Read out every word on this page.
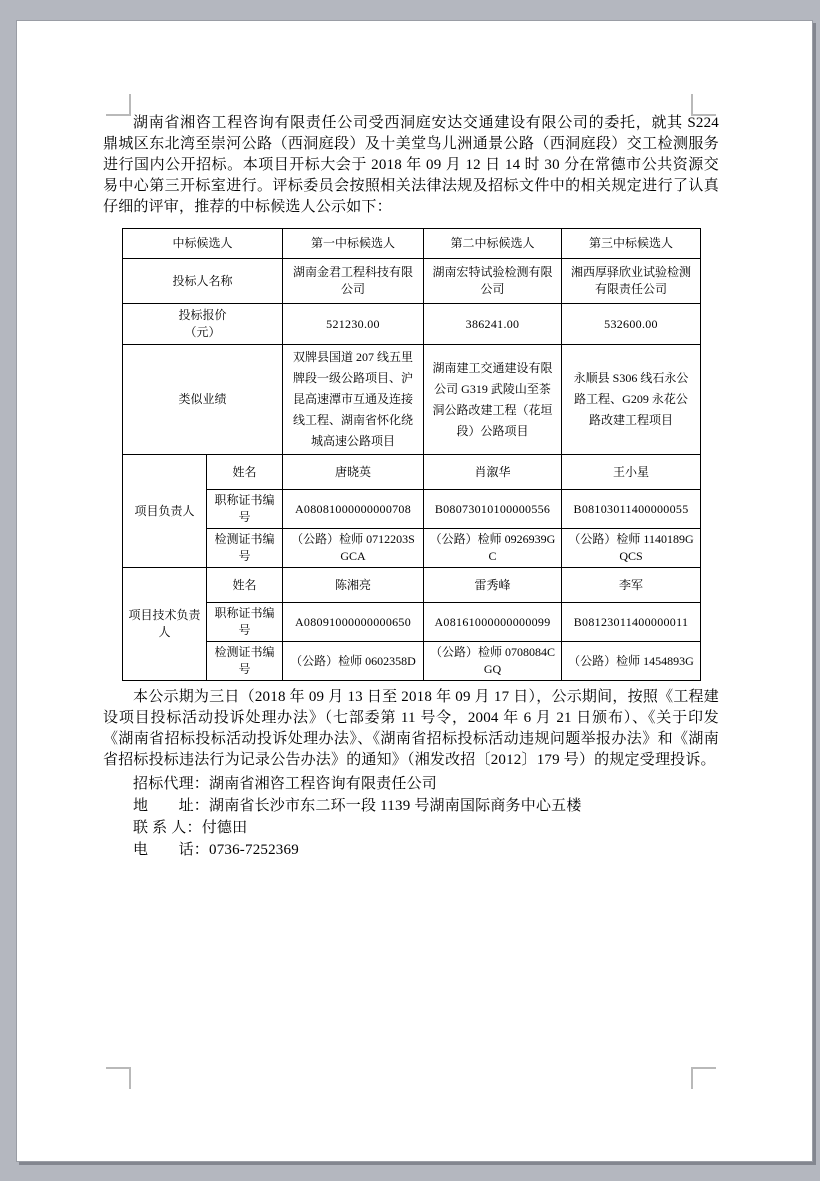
湖南省湘咨工程咨询有限责任公司受西洞庭安达交通建设有限公司的委托，就其 S224 鼎城区东北湾至崇河公路（西洞庭段）及十美堂鸟儿洲通景公路（西洞庭段）交工检测服务进行国内公开招标。本项目开标大会于 2018 年 09 月 12 日 14 时 30 分在常德市公共资源交易中心第三开标室进行。评标委员会按照相关法律法规及招标文件中的相关规定进行了认真仔细的评审，推荐的中标候选人公示如下：

中标候选人		第一中标候选人	第二中标候选人	第三中标候选人
投标人名称		湖南金君工程科技有限公司	湖南宏特试验检测有限公司	湘西厚驿欣业试验检测有限责任公司

投标报价
（元）		521230.00	386241.00	532600.00
类似业绩		双牌县国道 207 线五里牌段一级公路项目、沪昆高速潭市互通及连接线工程、湖南省怀化绕城高速公路项目	湖南建工交通建设有限公司 G319 武陵山至茶洞公路改建工程（花垣段）公路项目	永顺县 S306 线石永公路工程、G209 永花公路改建工程项目
项目负责人	姓名	唐晓英	肖溆华	王小星
	职称证书编号	A08081000000000708	B08073010100000556	B08103011400000055
	检测证书编号	（公路）检师 0712203SGCA	（公路）检师 0926939GC	（公路）检师 1140189GQCS
项目技术负责人	姓名	陈湘亮	雷秀峰	李军
	职称证书编号	A08091000000000650	A08161000000000099	B08123011400000011
	检测证书编号	（公路）检师 0602358D	（公路）检师 0708084CGQ	（公路）检师 1454893G

本公示期为三日（2018 年 09 月 13 日至 2018 年 09 月 17 日），公示期间，按照《工程建设项目投标活动投诉处理办法》（七部委第 11 号令，2004 年 6 月 21 日颁布）、《关于印发《湖南省招标投标活动投诉处理办法》、《湖南省招标投标活动违规问题举报办法》和《湖南省招标投标违法行为记录公告办法》的通知》（湘发改招〔2012〕179 号）的规定受理投诉。

招标代理：湖南省湘咨工程咨询有限责任公司

地　　址：湖南省长沙市东二环一段 1139 号湖南国际商务中心五楼

联 系 人：付德田

电　　话：0736-7252369
